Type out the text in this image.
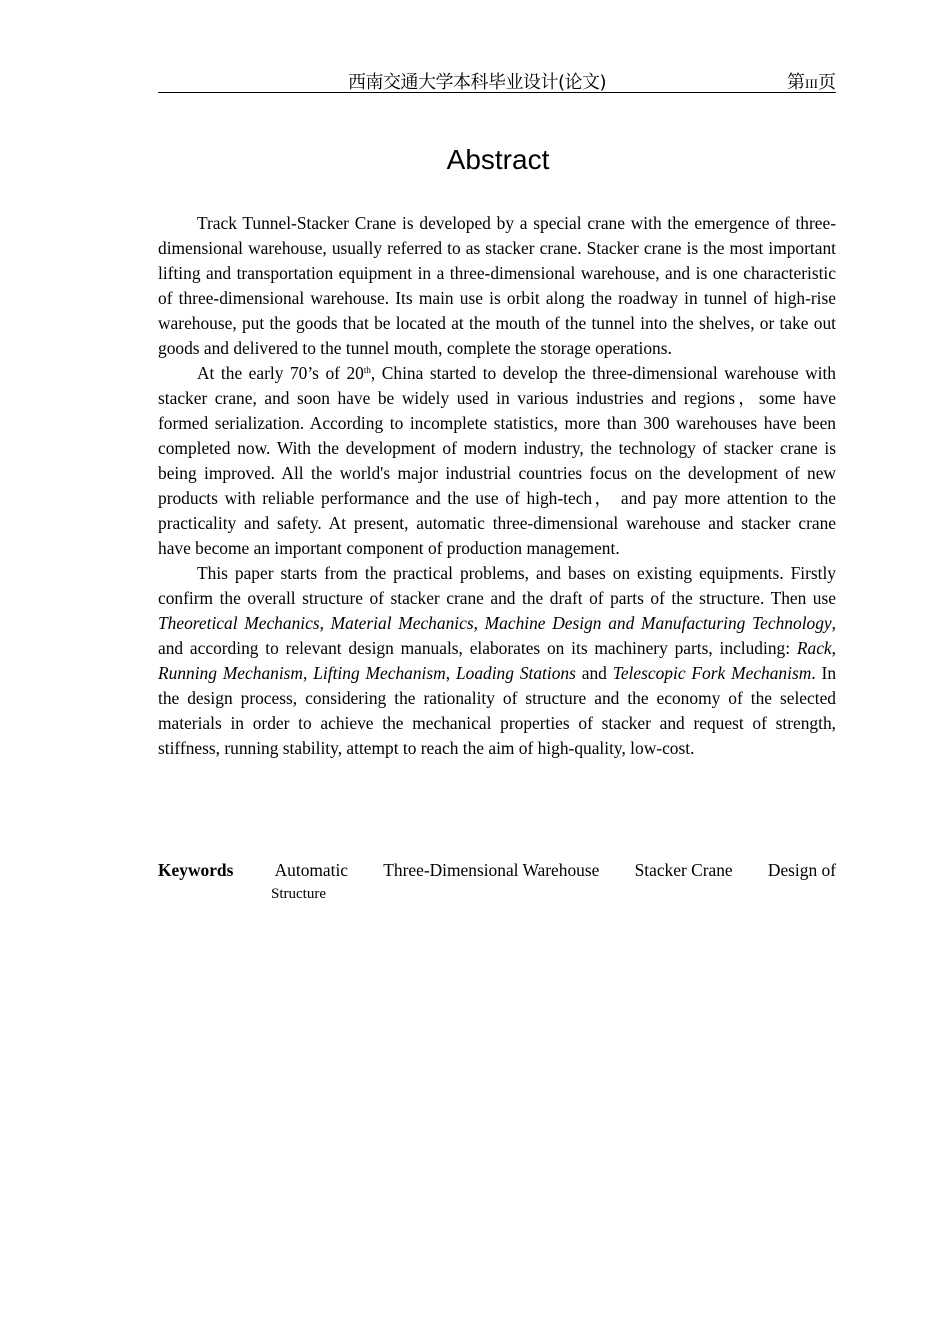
西南交通大学本科毕业设计(论文)	第III页
Abstract

Track Tunnel-Stacker Crane is developed by a special crane with the emergence of three-dimensional warehouse, usually referred to as stacker crane. Stacker crane is the most important lifting and transportation equipment in a three-dimensional warehouse, and is one characteristic of three-dimensional warehouse. Its main use is orbit along the roadway in tunnel of high-rise warehouse, put the goods that be located at the mouth of the tunnel into the shelves, or take out goods and delivered to the tunnel mouth, complete the storage operations.

At the early 70’s of 20th, China started to develop the three-dimensional warehouse with stacker crane, and soon have be widely used in various industries and regions，some have formed serialization. According to incomplete statistics, more than 300 warehouses have been completed now. With the development of modern industry, the technology of stacker crane is being improved. All the world's major industrial countries focus on the development of new products with reliable performance and the use of high-tech， and pay more attention to the practicality and safety. At present, automatic three-dimensional warehouse and stacker crane have become an important component of production management.

This paper starts from the practical problems, and bases on existing equipments. Firstly confirm the overall structure of stacker crane and the draft of parts of the structure. Then use Theoretical Mechanics, Material Mechanics, Machine Design and Manufacturing Technology, and according to relevant design manuals, elaborates on its machinery parts, including: Rack, Running Mechanism, Lifting Mechanism, Loading Stations and Telescopic Fork Mechanism. In the design process, considering the rationality of structure and the economy of the selected materials in order to achieve the mechanical properties of stacker and request of strength, stiffness, running stability, attempt to reach the aim of high-quality, low-cost.

Keywords Automatic Three-Dimensional Warehouse Stacker Crane Design of
Structure
